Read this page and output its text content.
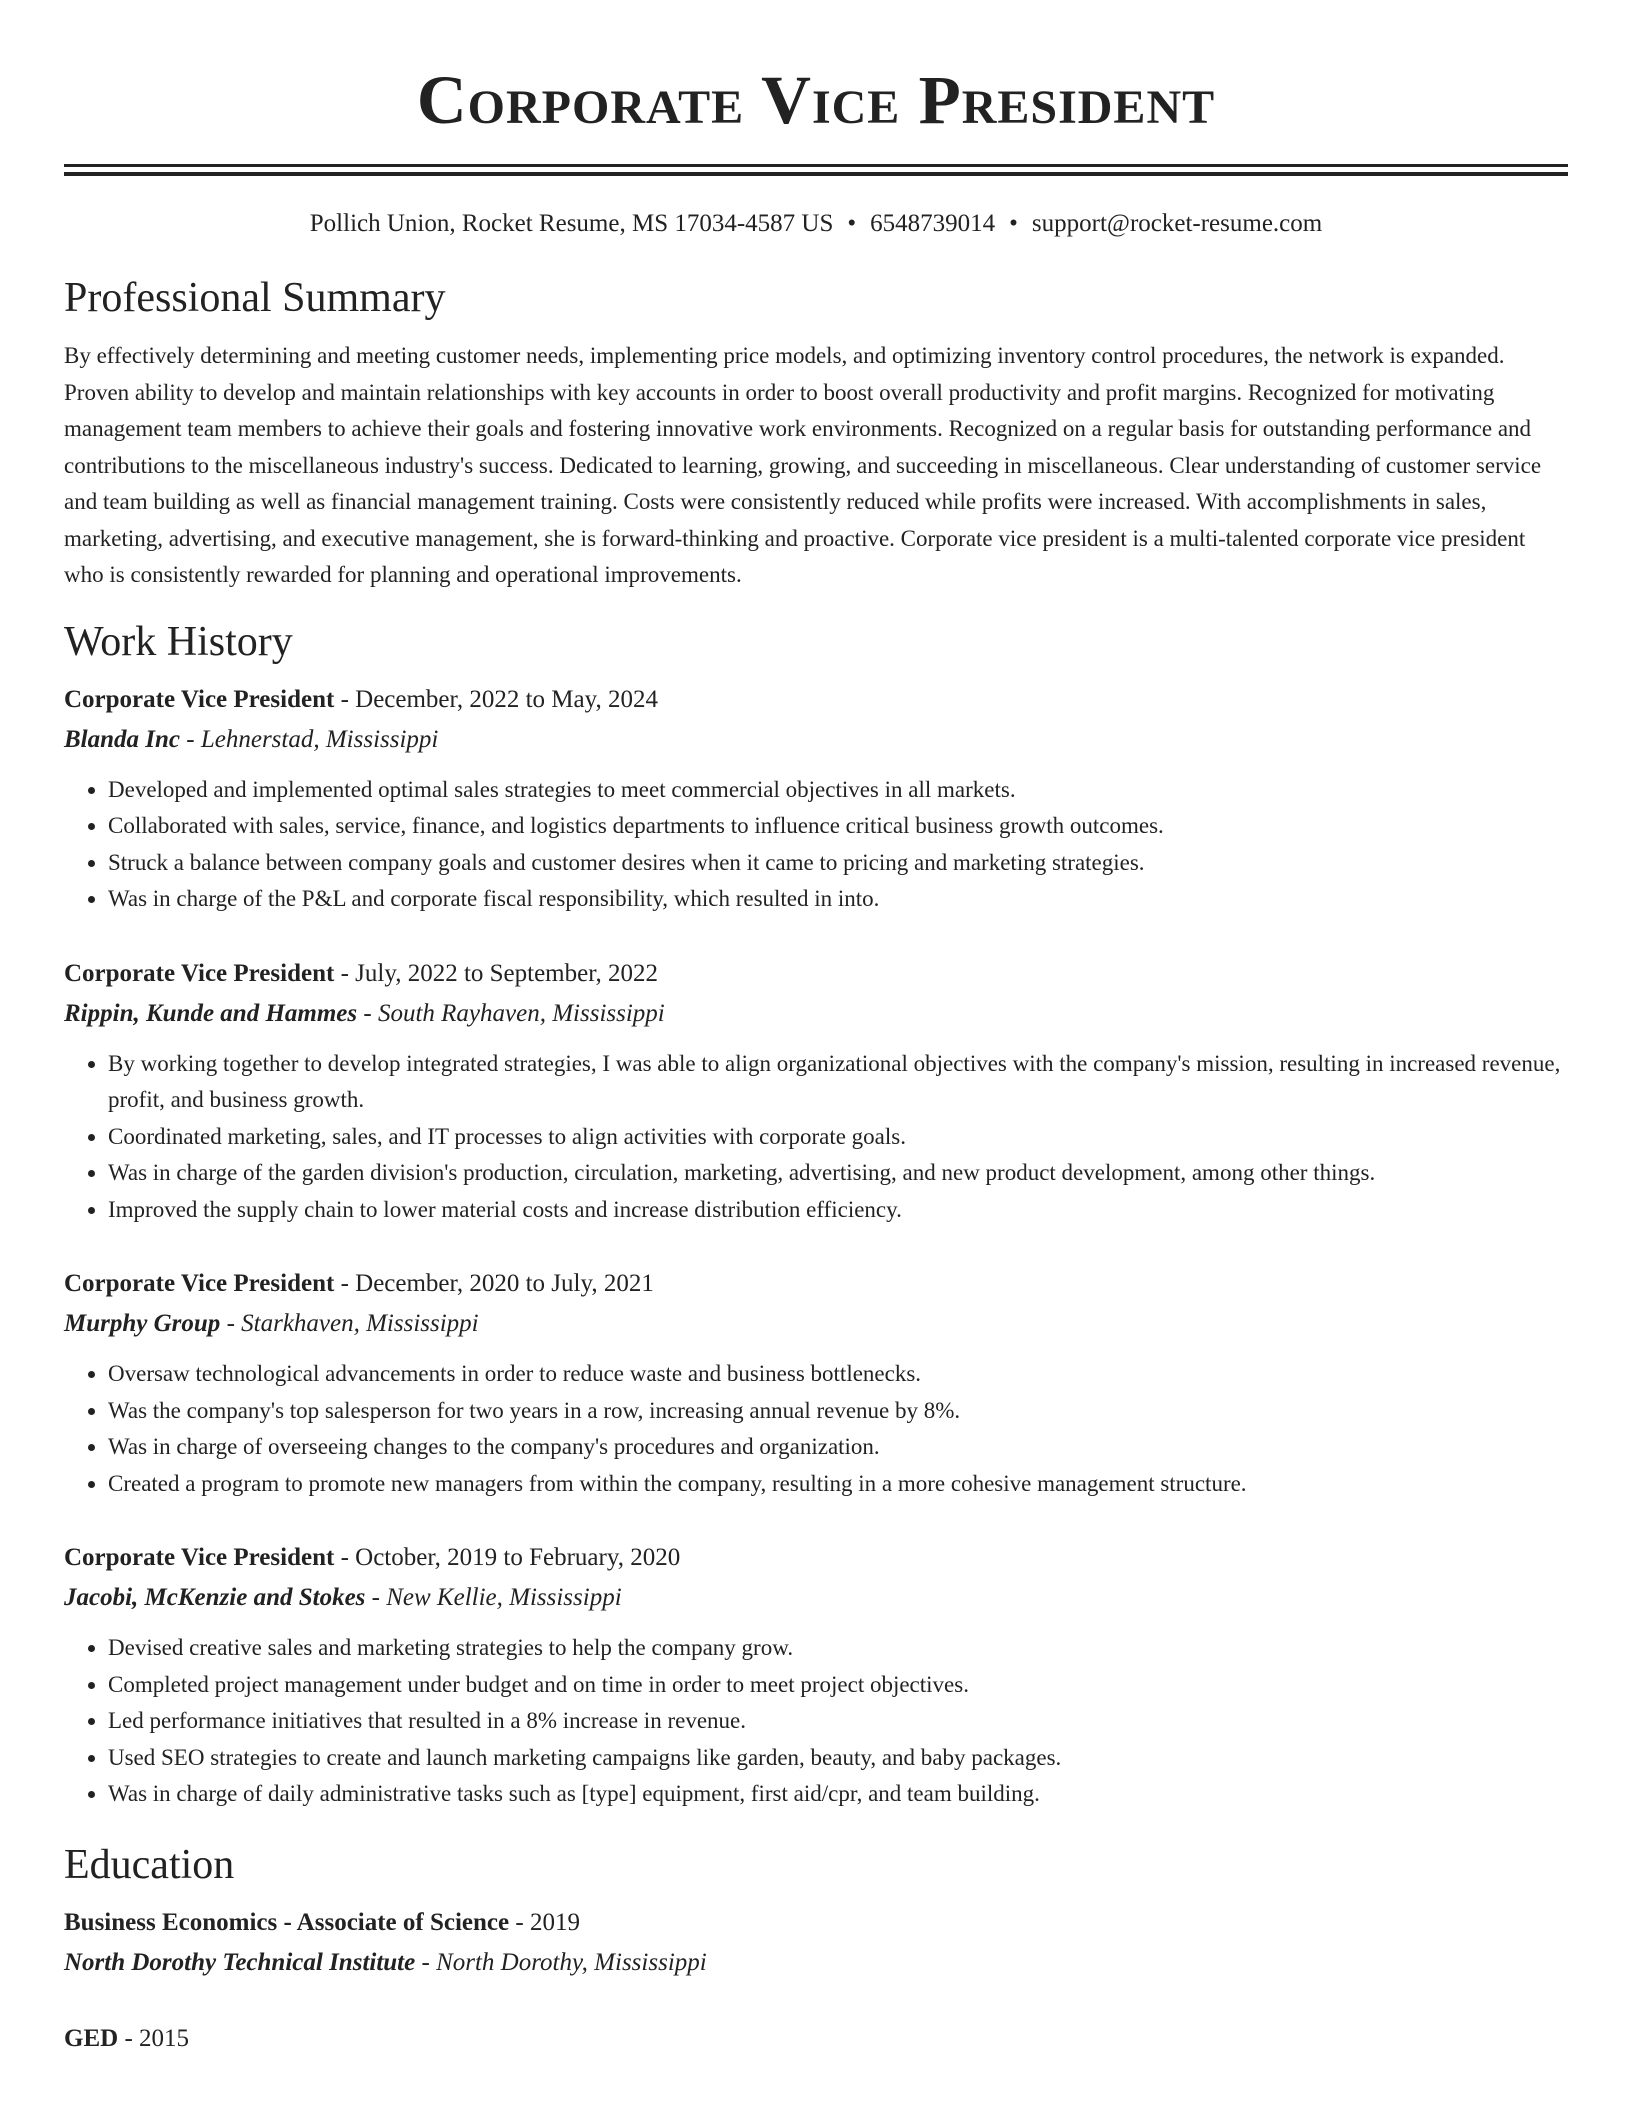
Corporate Vice President
Pollich Union, Rocket Resume, MS 17034-4587 US • 6548739014 • support@rocket-resume.com
Professional Summary

By effectively determining and meeting customer needs, implementing price models, and optimizing inventory control procedures, the network is expanded. Proven ability to develop and maintain relationships with key accounts in order to boost overall productivity and profit margins. Recognized for motivating management team members to achieve their goals and fostering innovative work environments. Recognized on a regular basis for outstanding performance and contributions to the miscellaneous industry's success. Dedicated to learning, growing, and succeeding in miscellaneous. Clear understanding of customer service and team building as well as financial management training. Costs were consistently reduced while profits were increased. With accomplishments in sales, marketing, advertising, and executive management, she is forward-thinking and proactive. Corporate vice president is a multi-talented corporate vice president who is consistently rewarded for planning and operational improvements.

Work History
Corporate Vice President - December, 2022 to May, 2024
Blanda Inc - Lehnerstad, Mississippi
• Developed and implemented optimal sales strategies to meet commercial objectives in all markets.
• Collaborated with sales, service, finance, and logistics departments to influence critical business growth outcomes.
• Struck a balance between company goals and customer desires when it came to pricing and marketing strategies.
• Was in charge of the P&L and corporate fiscal responsibility, which resulted in into.
Corporate Vice President - July, 2022 to September, 2022
Rippin, Kunde and Hammes - South Rayhaven, Mississippi
• By working together to develop integrated strategies, I was able to align organizational objectives with the company's mission, resulting in increased revenue, profit, and business growth.
• Coordinated marketing, sales, and IT processes to align activities with corporate goals.
• Was in charge of the garden division's production, circulation, marketing, advertising, and new product development, among other things.
• Improved the supply chain to lower material costs and increase distribution efficiency.
Corporate Vice President - December, 2020 to July, 2021
Murphy Group - Starkhaven, Mississippi
• Oversaw technological advancements in order to reduce waste and business bottlenecks.
• Was the company's top salesperson for two years in a row, increasing annual revenue by 8%.
• Was in charge of overseeing changes to the company's procedures and organization.
• Created a program to promote new managers from within the company, resulting in a more cohesive management structure.
Corporate Vice President - October, 2019 to February, 2020
Jacobi, McKenzie and Stokes - New Kellie, Mississippi
• Devised creative sales and marketing strategies to help the company grow.
• Completed project management under budget and on time in order to meet project objectives.
• Led performance initiatives that resulted in a 8% increase in revenue.
• Used SEO strategies to create and launch marketing campaigns like garden, beauty, and baby packages.
• Was in charge of daily administrative tasks such as [type] equipment, first aid/cpr, and team building.
Education
Business Economics - Associate of Science - 2019
North Dorothy Technical Institute - North Dorothy, Mississippi
GED - 2015
